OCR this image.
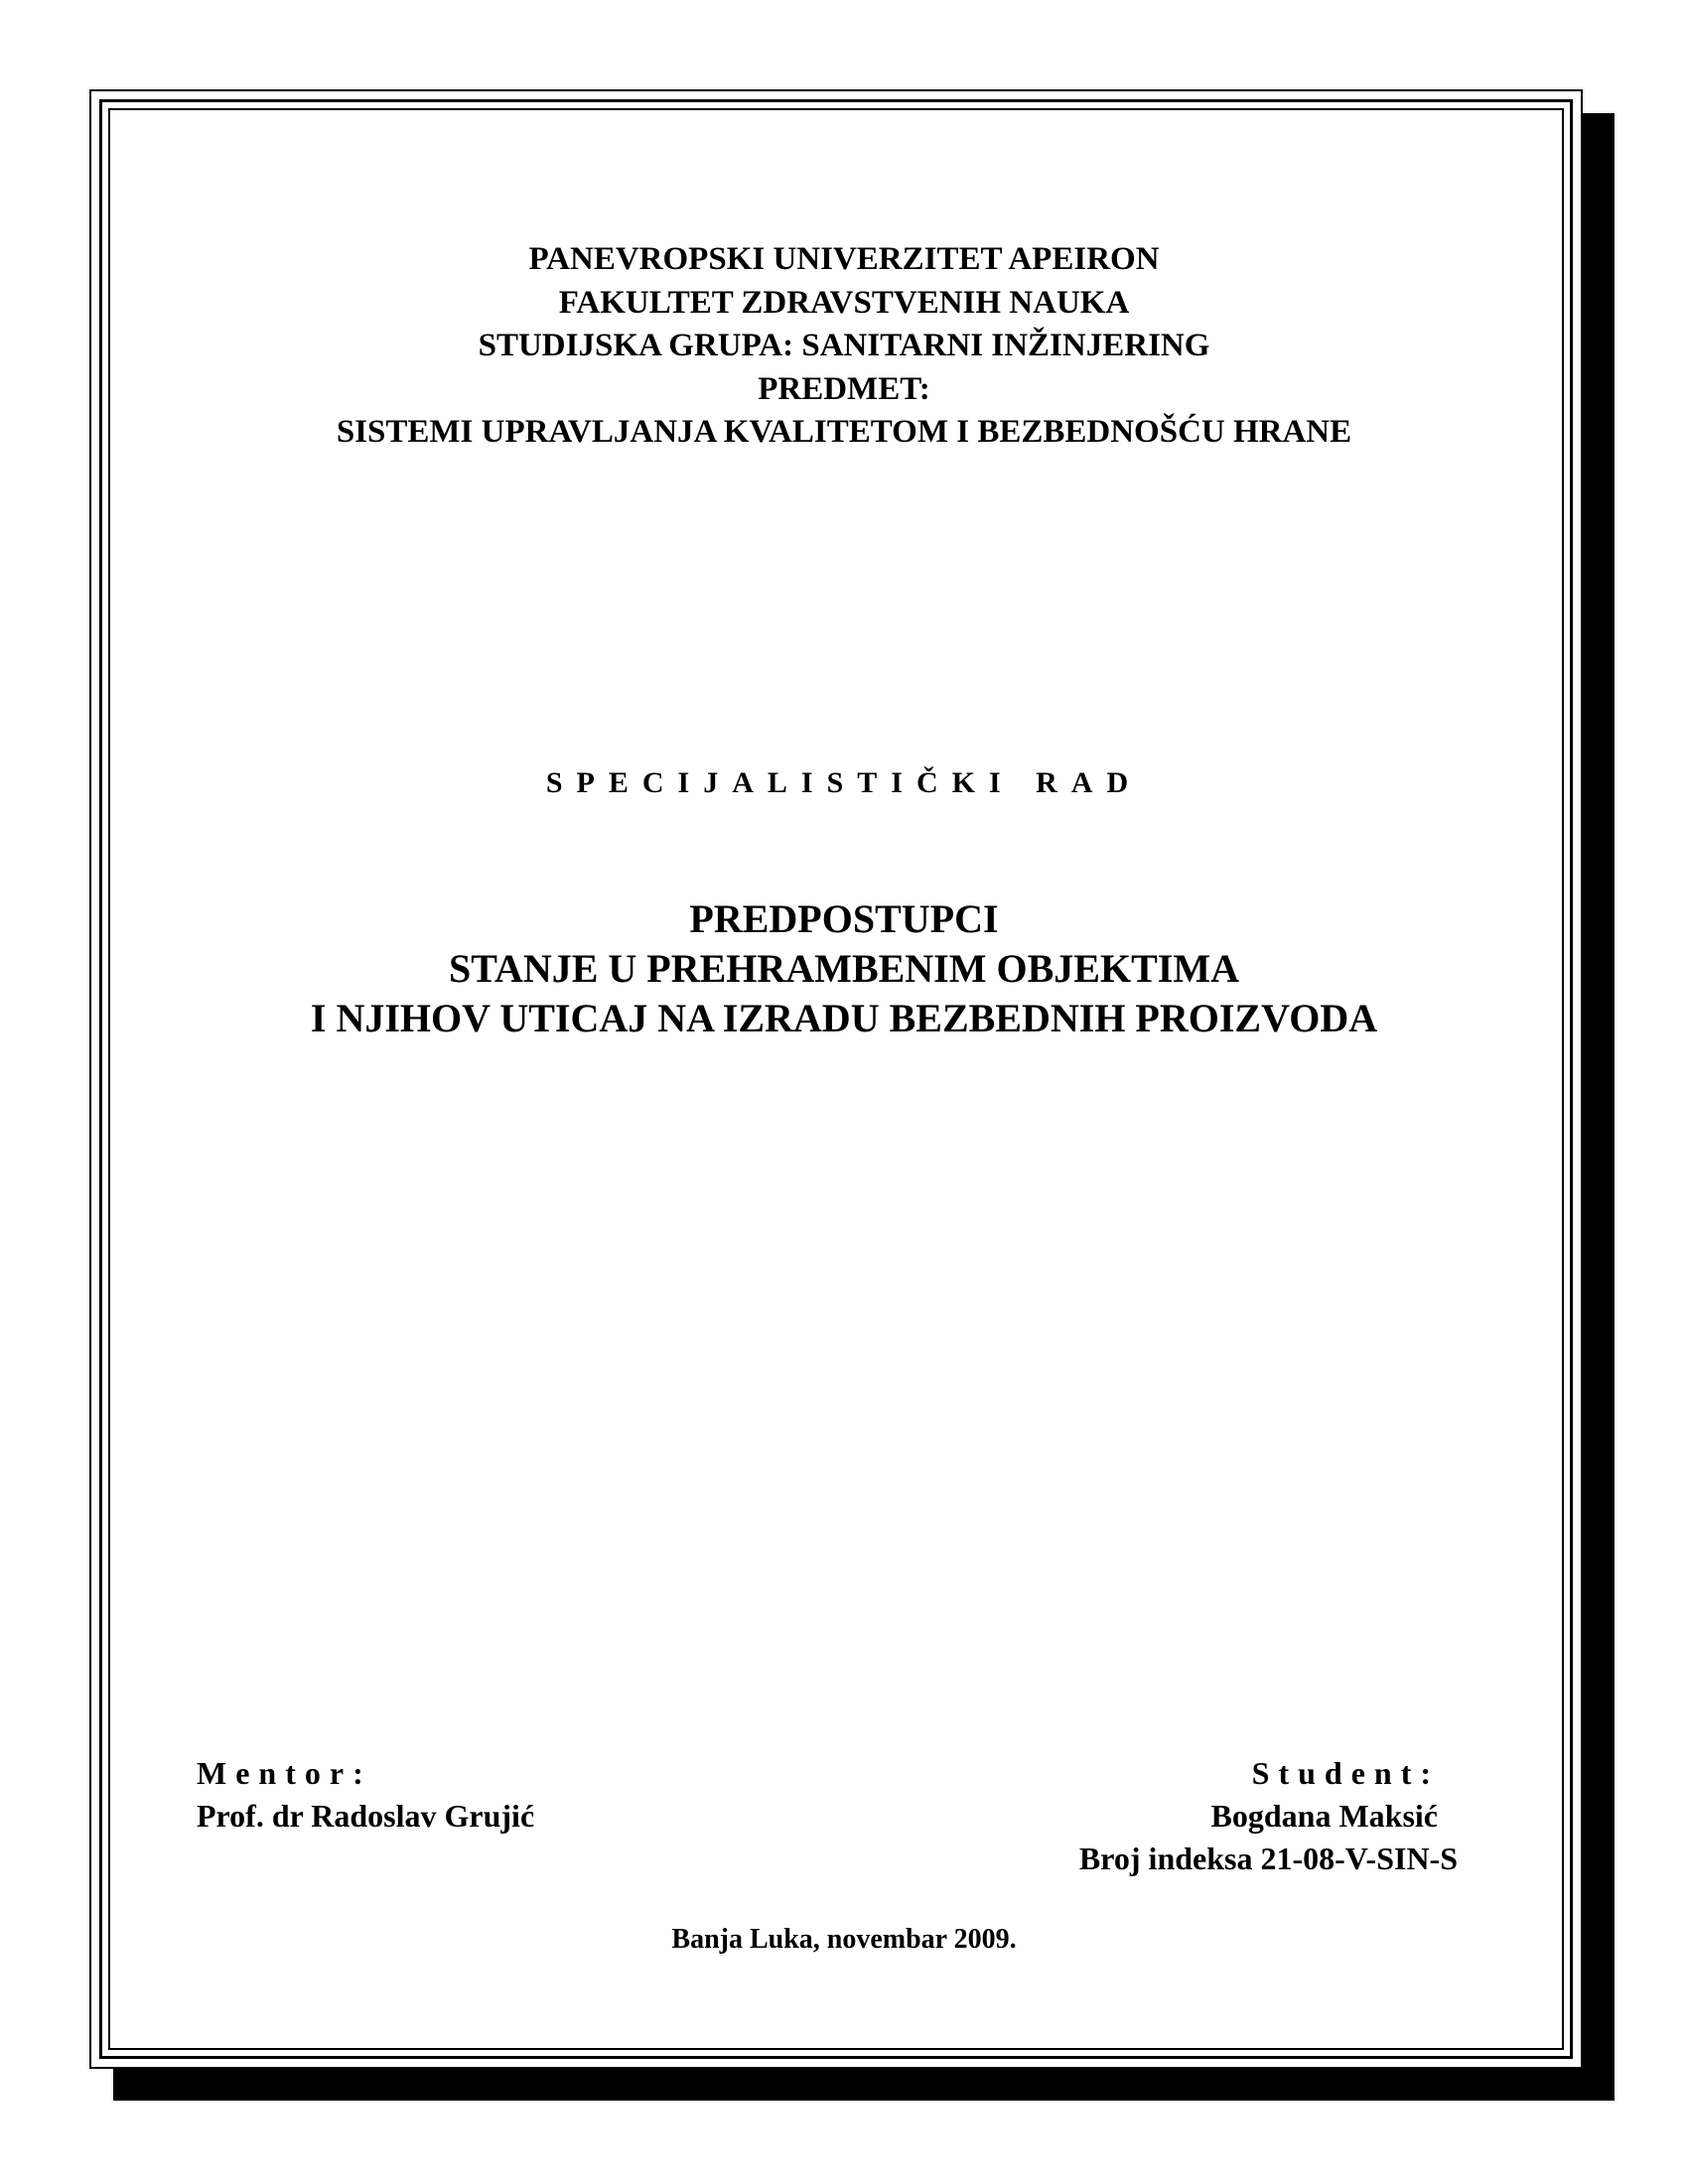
PANEVROPSKI UNIVERZITET APEIRON
FAKULTET ZDRAVSTVENIH NAUKA
STUDIJSKA GRUPA: SANITARNI INŽINJERING
PREDMET:
SISTEMI UPRAVLJANJA KVALITETOM I BEZBEDNOŠĆU HRANE
SPECIJALISTIČKI RAD
PREDPOSTUPCI
STANJE U PREHRAMBENIM OBJEKTIMA
I NJIHOV UTICAJ NA IZRADU BEZBEDNIH PROIZVODA
Mentor:
Prof. dr Radoslav Grujić
Student:
Bogdana Maksić
Broj indeksa 21-08-V-SIN-S
Banja Luka, novembar 2009.
